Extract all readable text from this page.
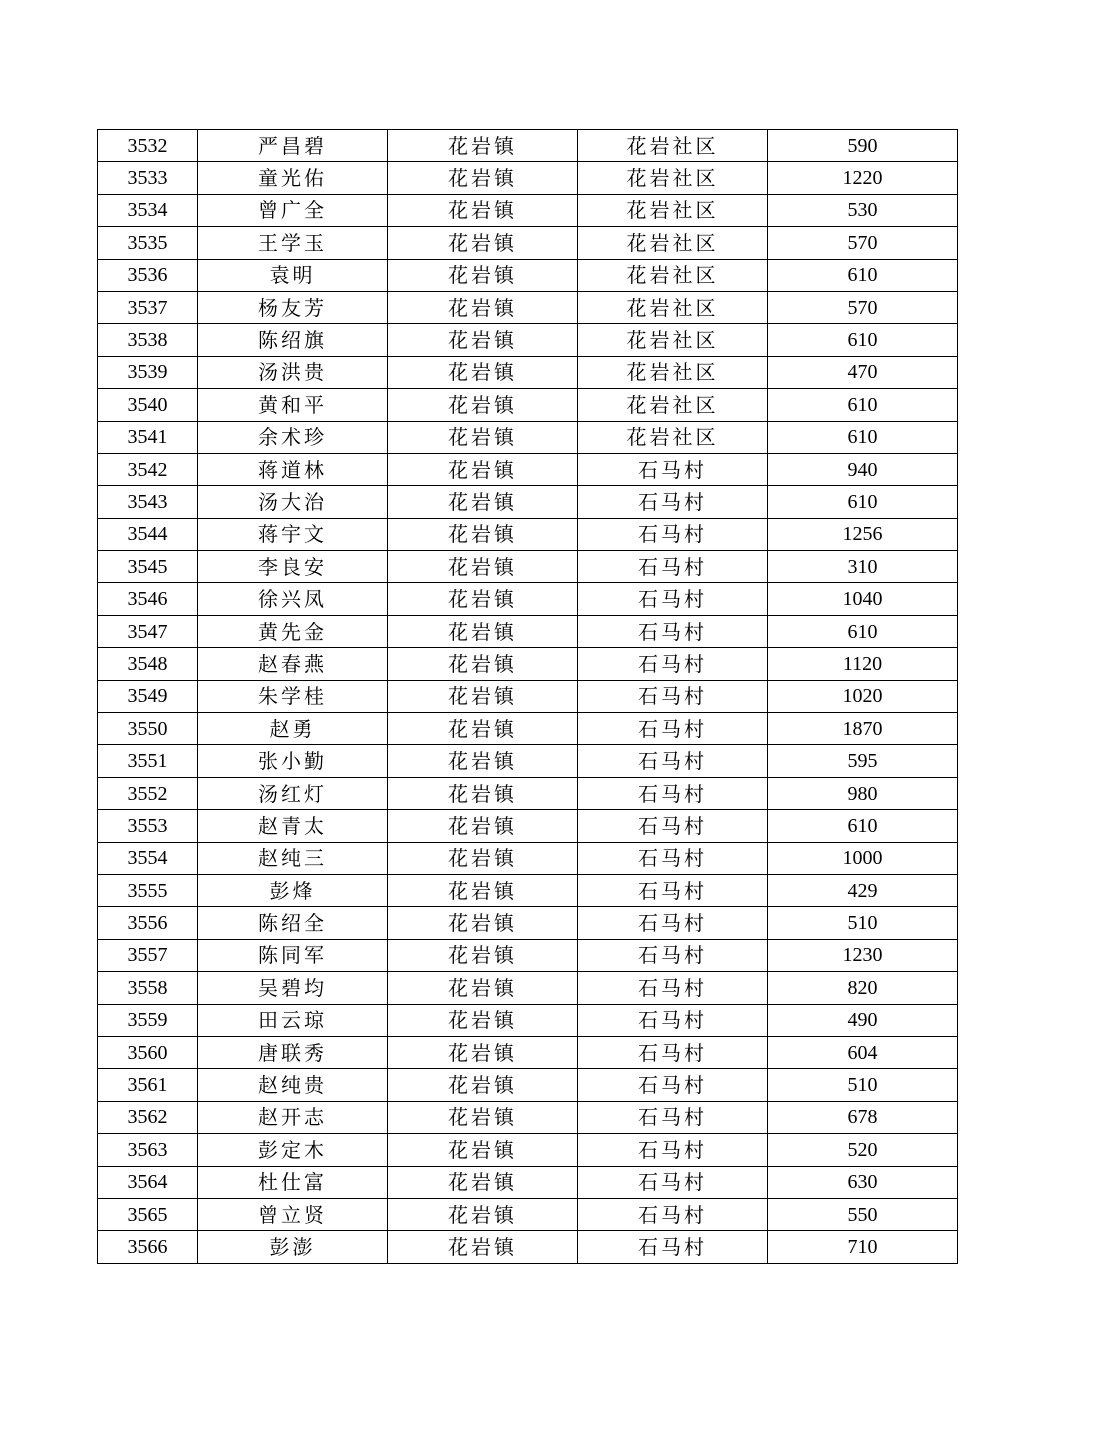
3532	严昌碧	花岩镇	花岩社区	590
3533	童光佑	花岩镇	花岩社区	1220
3534	曾广全	花岩镇	花岩社区	530
3535	王学玉	花岩镇	花岩社区	570
3536	袁明	花岩镇	花岩社区	610
3537	杨友芳	花岩镇	花岩社区	570
3538	陈绍旗	花岩镇	花岩社区	610
3539	汤洪贵	花岩镇	花岩社区	470
3540	黄和平	花岩镇	花岩社区	610
3541	余术珍	花岩镇	花岩社区	610
3542	蒋道林	花岩镇	石马村	940
3543	汤大治	花岩镇	石马村	610
3544	蒋宇文	花岩镇	石马村	1256
3545	李良安	花岩镇	石马村	310
3546	徐兴凤	花岩镇	石马村	1040
3547	黄先金	花岩镇	石马村	610
3548	赵春燕	花岩镇	石马村	1120
3549	朱学桂	花岩镇	石马村	1020
3550	赵勇	花岩镇	石马村	1870
3551	张小勤	花岩镇	石马村	595
3552	汤红灯	花岩镇	石马村	980
3553	赵青太	花岩镇	石马村	610
3554	赵纯三	花岩镇	石马村	1000
3555	彭烽	花岩镇	石马村	429
3556	陈绍全	花岩镇	石马村	510
3557	陈同军	花岩镇	石马村	1230
3558	吴碧均	花岩镇	石马村	820
3559	田云琼	花岩镇	石马村	490
3560	唐联秀	花岩镇	石马村	604
3561	赵纯贵	花岩镇	石马村	510
3562	赵开志	花岩镇	石马村	678
3563	彭定木	花岩镇	石马村	520
3564	杜仕富	花岩镇	石马村	630
3565	曾立贤	花岩镇	石马村	550
3566	彭澎	花岩镇	石马村	710
